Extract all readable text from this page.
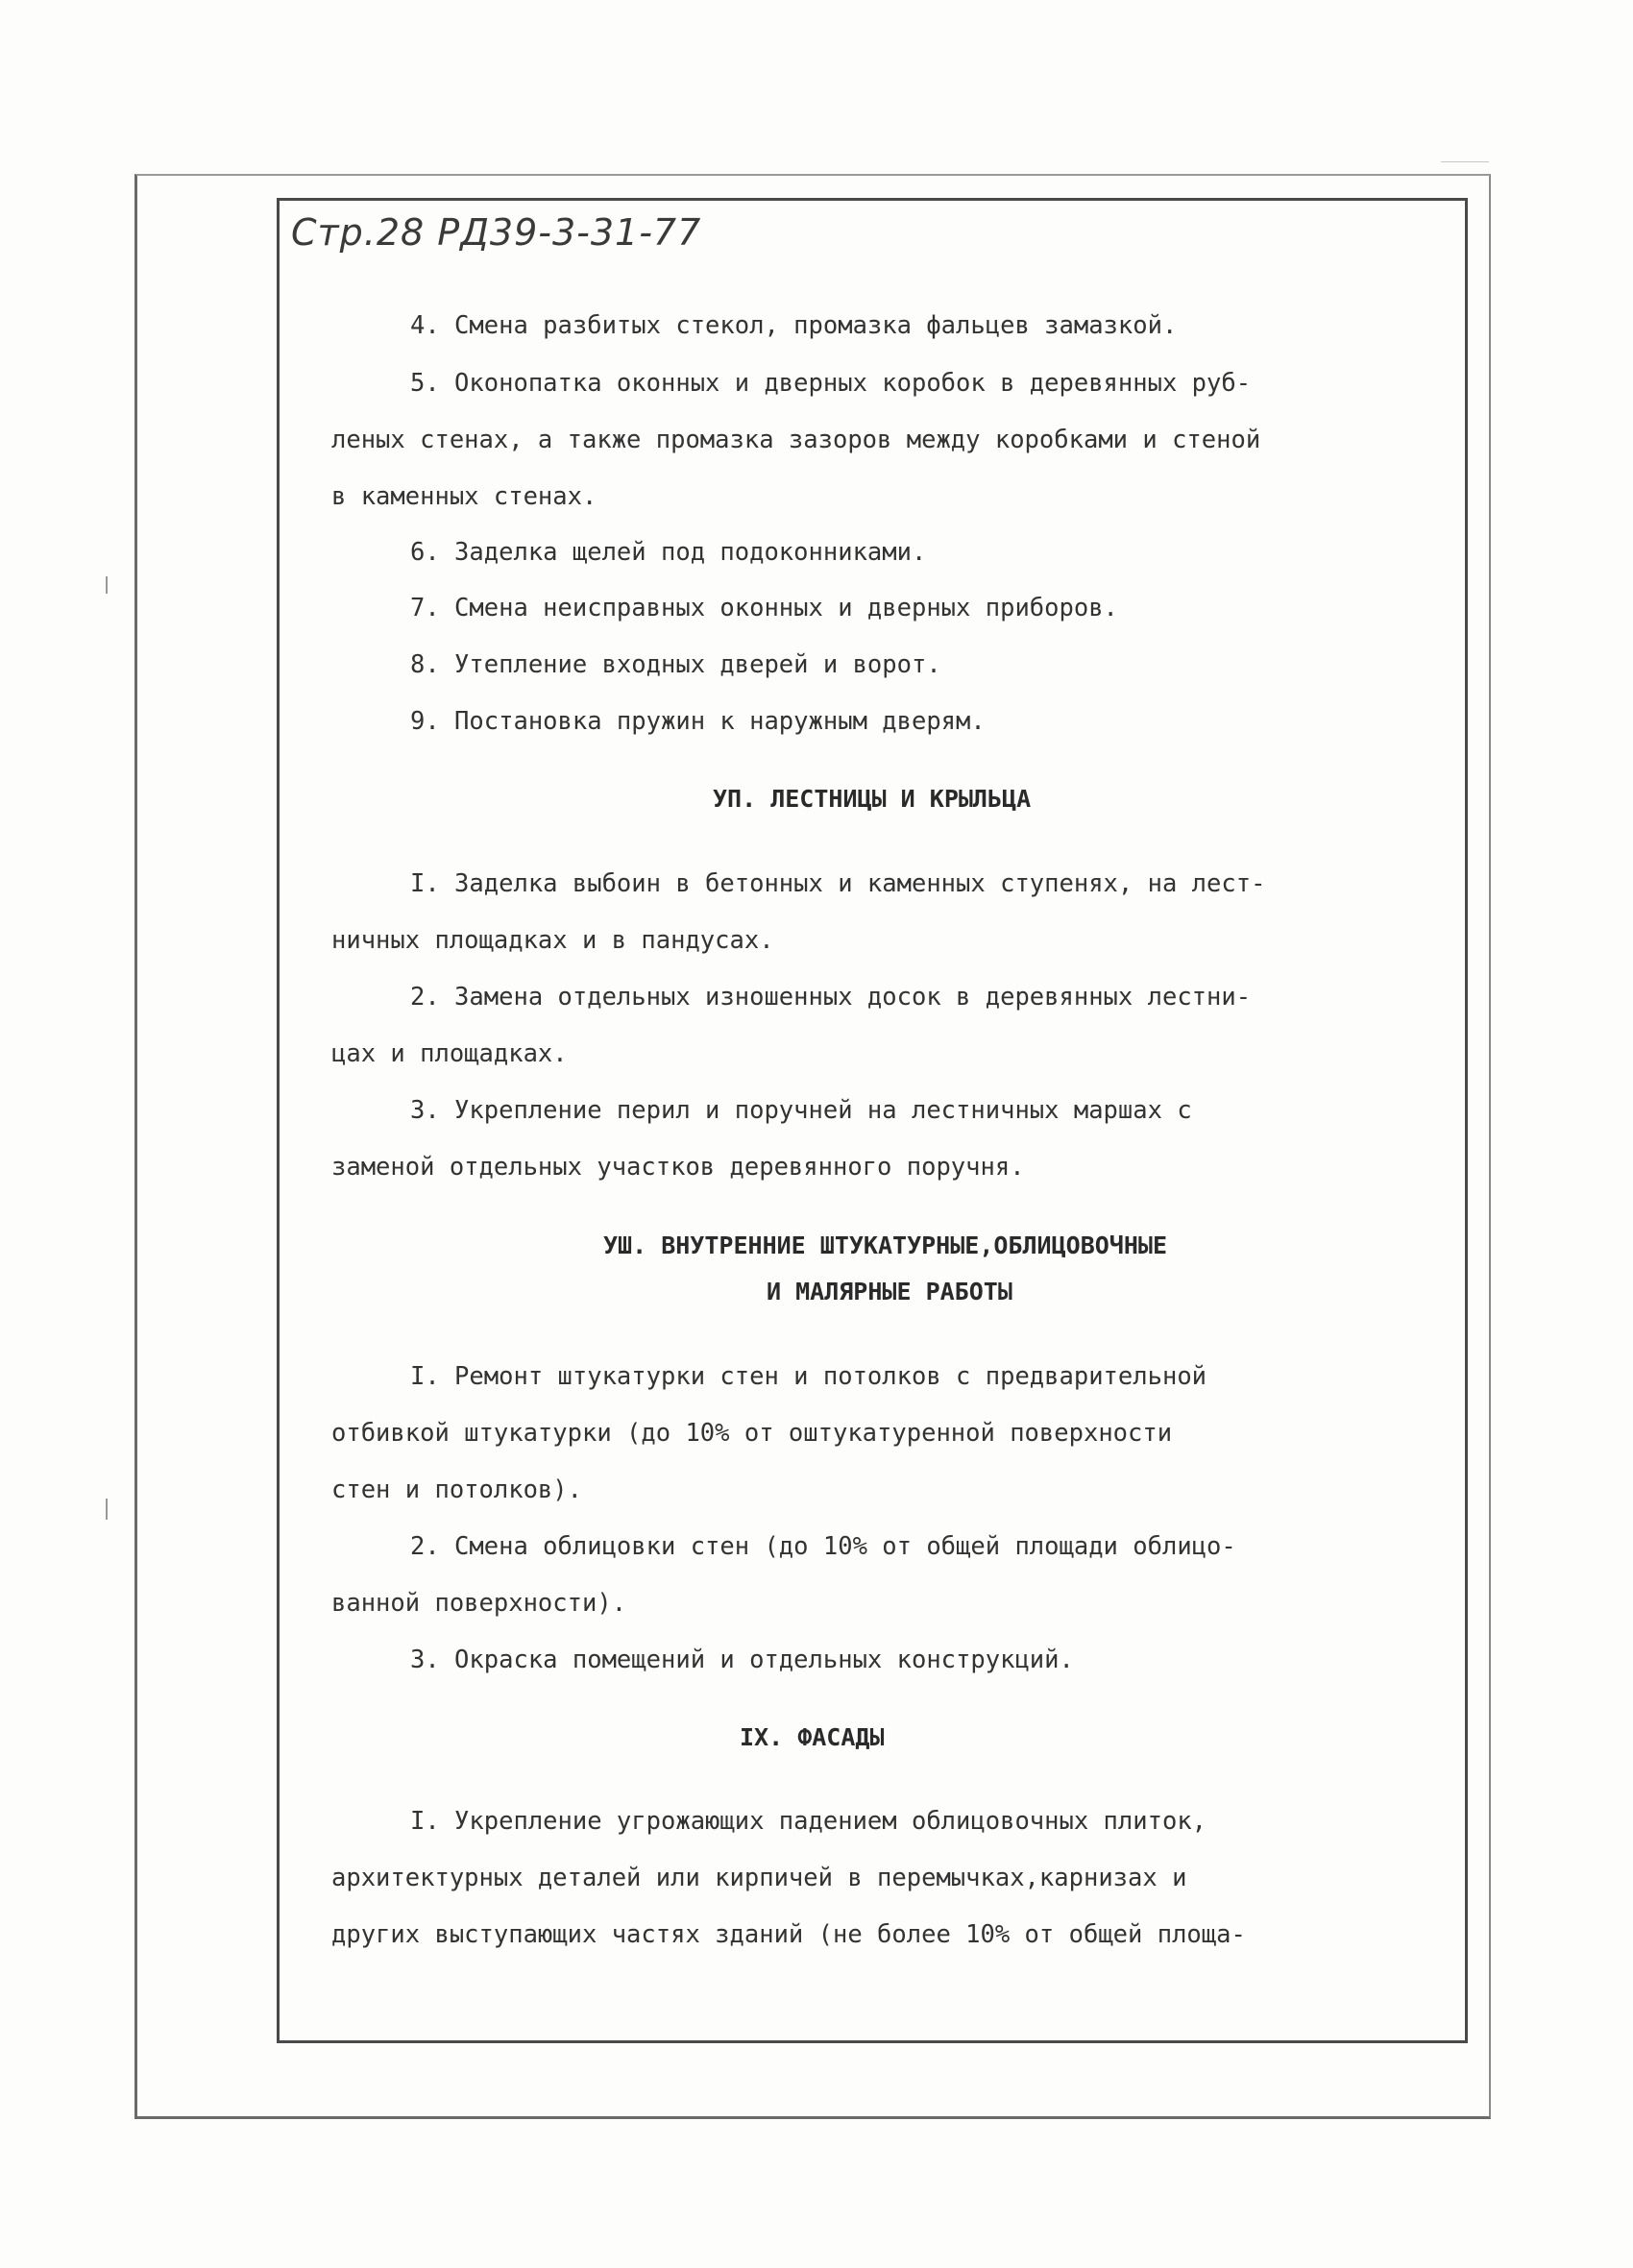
Стр.28 РД39-3-31-77
4. Смена разбитых стекол, промазка фальцев замазкой.
5. Оконопатка оконных и дверных коробок в деревянных руб-
леных стенах, а также промазка зазоров между коробками и стеной
в каменных стенах.
6. Заделка щелей под подоконниками.
7. Смена неисправных оконных и дверных приборов.
8. Утепление входных дверей и ворот.
9. Постановка пружин к наружным дверям.
УП. ЛЕСТНИЦЫ И КРЫЛЬЦА
I. Заделка выбоин в бетонных и каменных ступенях, на лест-
ничных площадках и в пандусах.
2. Замена отдельных изношенных досок в деревянных лестни-
цах и площадках.
3. Укрепление перил и поручней на лестничных маршах с
заменой отдельных участков деревянного поручня.
УШ. ВНУТРЕННИЕ ШТУКАТУРНЫЕ,ОБЛИЦОВОЧНЫЕ
И МАЛЯРНЫЕ РАБОТЫ
I. Ремонт штукатурки стен и потолков с предварительной
отбивкой штукатурки (до 10% от оштукатуренной поверхности
стен и потолков).
2. Смена облицовки стен (до 10% от общей площади облицо-
ванной поверхности).
3. Окраска помещений и отдельных конструкций.
IX. ФАСАДЫ
I. Укрепление угрожающих падением облицовочных плиток,
архитектурных деталей или кирпичей в перемычках,карнизах и
других выступающих частях зданий (не более 10% от общей площа-
